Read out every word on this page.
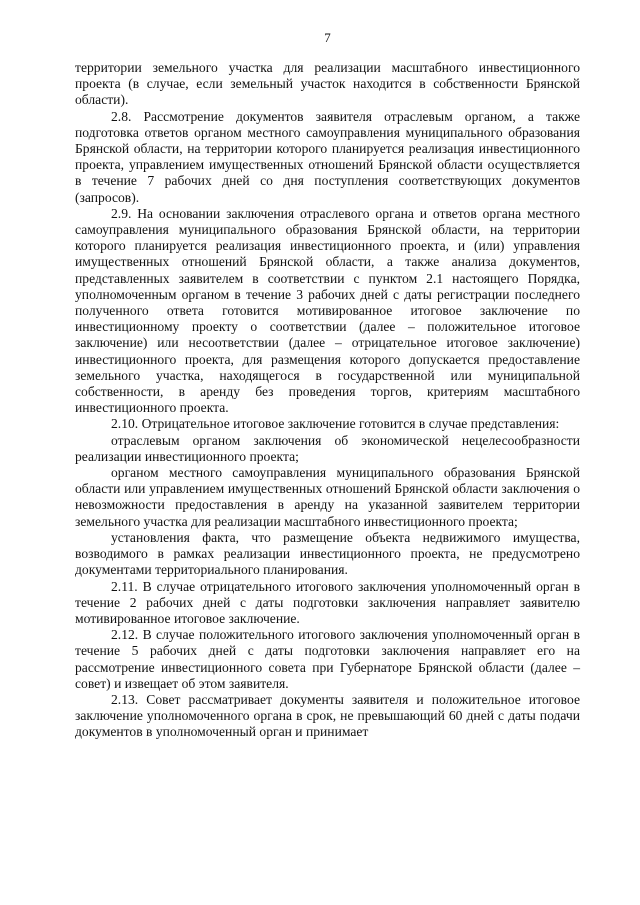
7

территории земельного участка для реализации масштабного инвестиционного проекта (в случае, если земельный участок находится в собственности Брянской области).

2.8. Рассмотрение документов заявителя отраслевым органом, а также подготовка ответов органом местного самоуправления муниципального образования Брянской области, на территории которого планируется реализация инвестиционного проекта, управлением имущественных отношений Брянской области осуществляется в течение 7 рабочих дней со дня поступления соответствующих документов (запросов).

2.9. На основании заключения отраслевого органа и ответов органа местного самоуправления муниципального образования Брянской области, на территории которого планируется реализация инвестиционного проекта, и (или) управления имущественных отношений Брянской области, а также анализа документов, представленных заявителем в соответствии с пунктом 2.1 настоящего Порядка, уполномоченным органом в течение 3 рабочих дней с даты регистрации последнего полученного ответа готовится мотивированное итоговое заключение по инвестиционному проекту о соответствии (далее – положительное итоговое заключение) или несоответствии (далее – отрицательное итоговое заключение) инвестиционного проекта, для размещения которого допускается предоставление земельного участка, находящегося в государственной или муниципальной собственности, в аренду без проведения торгов, критериям масштабного инвестиционного проекта.

2.10. Отрицательное итоговое заключение готовится в случае представления:

отраслевым органом заключения об экономической нецелесообразности реализации инвестиционного проекта;

органом местного самоуправления муниципального образования Брянской области или управлением имущественных отношений Брянской области заключения о невозможности предоставления в аренду на указанной заявителем территории земельного участка для реализации масштабного инвестиционного проекта;

установления факта, что размещение объекта недвижимого имущества, возводимого в рамках реализации инвестиционного проекта, не предусмотрено документами территориального планирования.

2.11. В случае отрицательного итогового заключения уполномоченный орган в течение 2 рабочих дней с даты подготовки заключения направляет заявителю мотивированное итоговое заключение.

2.12. В случае положительного итогового заключения уполномоченный орган в течение 5 рабочих дней с даты подготовки заключения направляет его на рассмотрение инвестиционного совета при Губернаторе Брянской области (далее – совет) и извещает об этом заявителя.

2.13. Совет рассматривает документы заявителя и положительное итоговое заключение уполномоченного органа в срок, не превышающий 60 дней с даты подачи документов в уполномоченный орган и принимает
